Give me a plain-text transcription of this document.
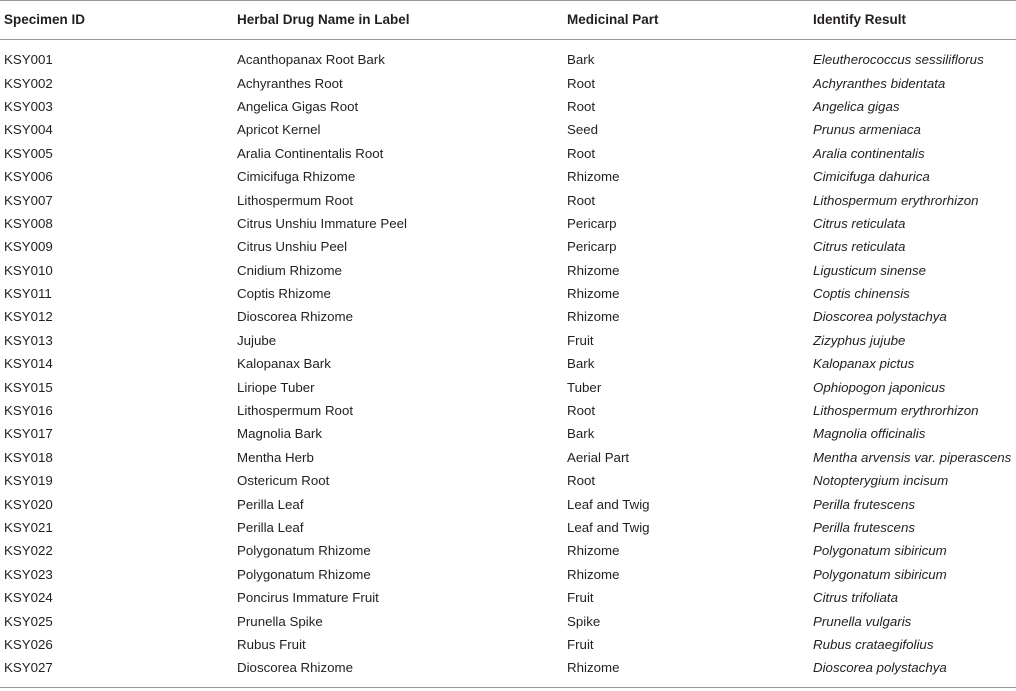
Specimen ID	Herbal Drug Name in Label	Medicinal Part	Identify Result

KSY001	Acanthopanax Root Bark	Bark	Eleutherococcus sessiliflorus
KSY002	Achyranthes Root	Root	Achyranthes bidentata
KSY003	Angelica Gigas Root	Root	Angelica gigas
KSY004	Apricot Kernel	Seed	Prunus armeniaca
KSY005	Aralia Continentalis Root	Root	Aralia continentalis
KSY006	Cimicifuga Rhizome	Rhizome	Cimicifuga dahurica
KSY007	Lithospermum Root	Root	Lithospermum erythrorhizon
KSY008	Citrus Unshiu Immature Peel	Pericarp	Citrus reticulata
KSY009	Citrus Unshiu Peel	Pericarp	Citrus reticulata
KSY010	Cnidium Rhizome	Rhizome	Ligusticum sinense
KSY011	Coptis Rhizome	Rhizome	Coptis chinensis
KSY012	Dioscorea Rhizome	Rhizome	Dioscorea polystachya
KSY013	Jujube	Fruit	Zizyphus jujube
KSY014	Kalopanax Bark	Bark	Kalopanax pictus
KSY015	Liriope Tuber	Tuber	Ophiopogon japonicus
KSY016	Lithospermum Root	Root	Lithospermum erythrorhizon
KSY017	Magnolia Bark	Bark	Magnolia officinalis
KSY018	Mentha Herb	Aerial Part	Mentha arvensis var. piperascens
KSY019	Ostericum Root	Root	Notopterygium incisum
KSY020	Perilla Leaf	Leaf and Twig	Perilla frutescens
KSY021	Perilla Leaf	Leaf and Twig	Perilla frutescens
KSY022	Polygonatum Rhizome	Rhizome	Polygonatum sibiricum
KSY023	Polygonatum Rhizome	Rhizome	Polygonatum sibiricum
KSY024	Poncirus Immature Fruit	Fruit	Citrus trifoliata
KSY025	Prunella Spike	Spike	Prunella vulgaris
KSY026	Rubus Fruit	Fruit	Rubus crataegifolius
KSY027	Dioscorea Rhizome	Rhizome	Dioscorea polystachya
